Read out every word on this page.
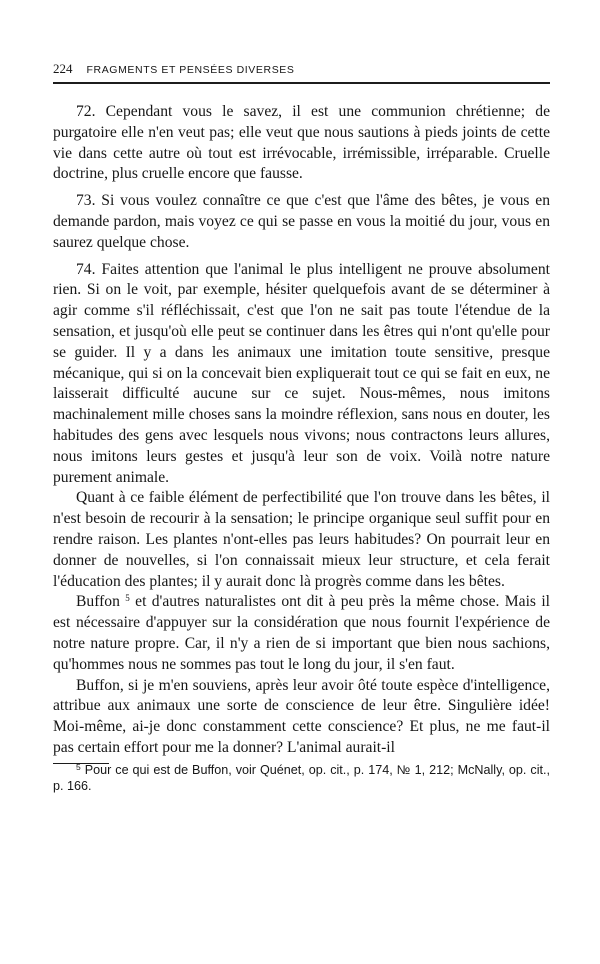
224 FRAGMENTS ET PENSÉES DIVERSES

72. Cependant vous le savez, il est une communion chrétienne; de purgatoire elle n'en veut pas; elle veut que nous sautions à pieds joints de cette vie dans cette autre où tout est irrévocable, irrémissible, irréparable. Cruelle doctrine, plus cruelle encore que fausse.

73. Si vous voulez connaître ce que c'est que l'âme des bêtes, je vous en demande pardon, mais voyez ce qui se passe en vous la moitié du jour, vous en saurez quelque chose.

74. Faites attention que l'animal le plus intelligent ne prouve absolument rien. Si on le voit, par exemple, hésiter quelquefois avant de se déterminer à agir comme s'il réfléchissait, c'est que l'on ne sait pas toute l'étendue de la sensation, et jusqu'où elle peut se continuer dans les êtres qui n'ont qu'elle pour se guider. Il y a dans les animaux une imitation toute sensitive, presque mécanique, qui si on la concevait bien expliquerait tout ce qui se fait en eux, ne laisserait difficulté aucune sur ce sujet. Nous-mêmes, nous imitons machinalement mille choses sans la moindre réflexion, sans nous en douter, les habitudes des gens avec lesquels nous vivons; nous contractons leurs allures, nous imitons leurs gestes et jusqu'à leur son de voix. Voilà notre nature purement animale.

Quant à ce faible élément de perfectibilité que l'on trouve dans les bêtes, il n'est besoin de recourir à la sensation; le principe organique seul suffit pour en rendre raison. Les plantes n'ont-elles pas leurs habitudes? On pourrait leur en donner de nouvelles, si l'on connaissait mieux leur structure, et cela ferait l'éducation des plantes; il y aurait donc là progrès comme dans les bêtes.

Buffon $^5$ et d'autres naturalistes ont dit à peu près la même chose. Mais il est nécessaire d'appuyer sur la considération que nous fournit l'expérience de notre nature propre. Car, il n'y a rien de si important que bien nous sachions, qu'hommes nous ne sommes pas tout le long du jour, il s'en faut.

Buffon, si je m'en souviens, après leur avoir ôté toute espèce d'intelligence, attribue aux animaux une sorte de conscience de leur être. Singulière idée! Moi-même, ai-je donc constamment cette conscience? Et plus, ne me faut-il pas certain effort pour me la donner? L'animal aurait-il

$^5$ Pour ce qui est de Buffon, voir Quénet, op. cit., p. 174, № 1, 212; McNally, op. cit., p. 166.
